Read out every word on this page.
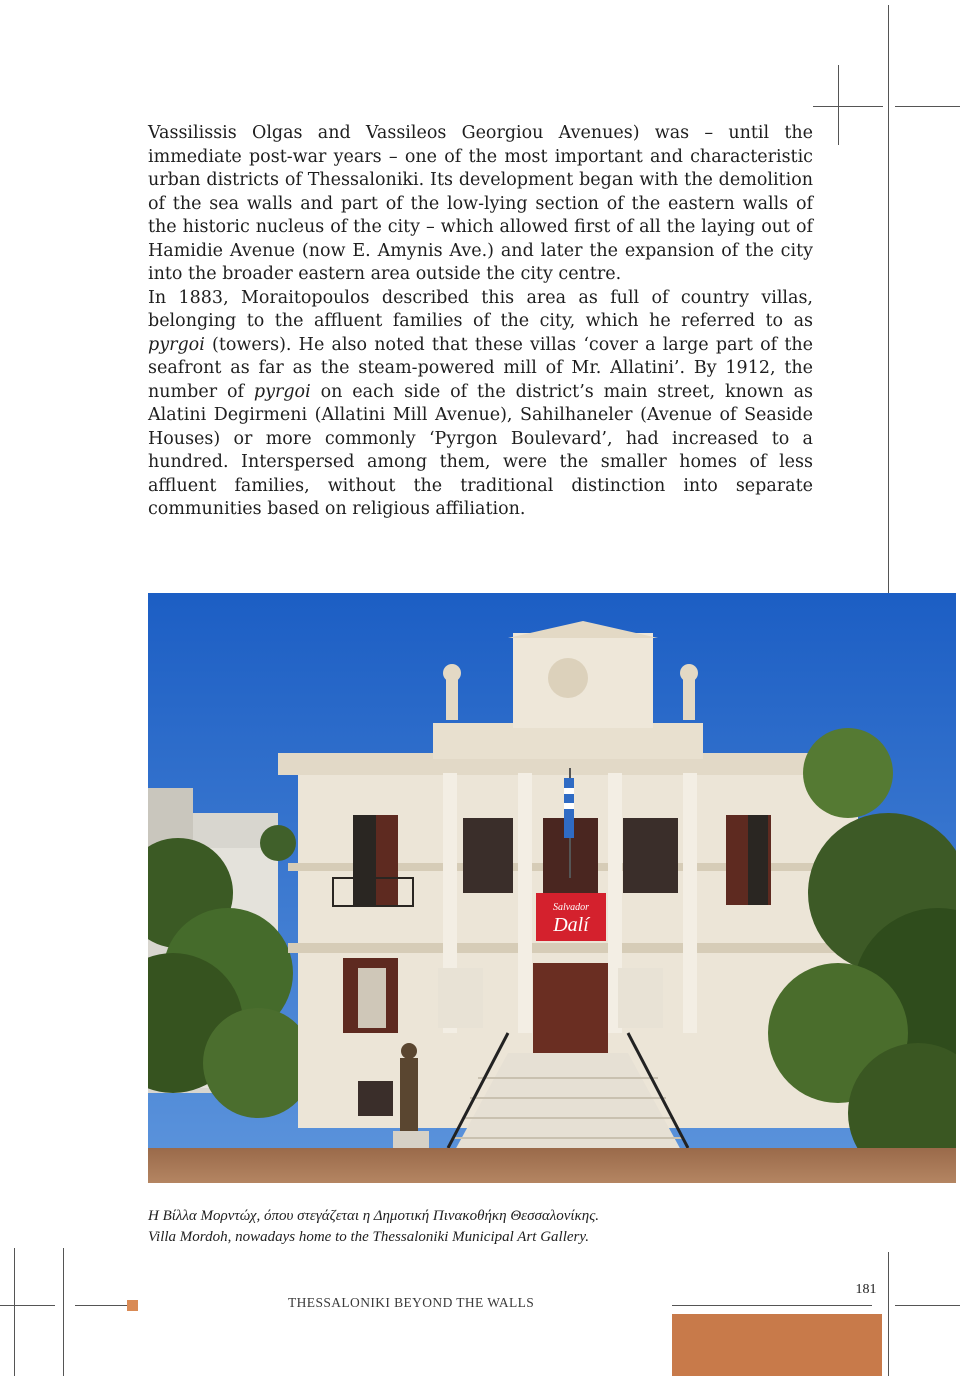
Vassilissis Olgas and Vassileos Georgiou Avenues) was – until the immediate post-war years – one of the most important and characteristic urban districts of Thessaloniki. Its development began with the demolition of the sea walls and part of the low-lying section of the eastern walls of the historic nucleus of the city – which allowed first of all the laying out of Hamidie Avenue (now E. Amynis Ave.) and later the expansion of the city into the broader eastern area outside the city centre.

In 1883, Moraitopoulos described this area as full of country villas, belonging to the affluent families of the city, which he referred to as pyrgoi (towers). He also noted that these villas ‘cover a large part of the seafront as far as the steam-powered mill of Mr. Allatini’. By 1912, the number of pyrgoi on each side of the district’s main street, known as Alatini Degirmeni (Allatini Mill Avenue), Sahilhaneler (Avenue of Seaside Houses) or more commonly ‘Pyrgon Boulevard’, had increased to a hundred. Interspersed among them, were the smaller homes of less affluent families, without the traditional distinction into separate communities based on religious affiliation.

Salvador
Dalí
Η Βίλλα Μορντώχ, όπου στεγάζεται η Δημοτική Πινακοθήκη Θεσσαλονίκης.
Villa Mordoh, nowadays home to the Thessaloniki Municipal Art Gallery.
THESSALONIKI BEYOND THE WALLS
181
